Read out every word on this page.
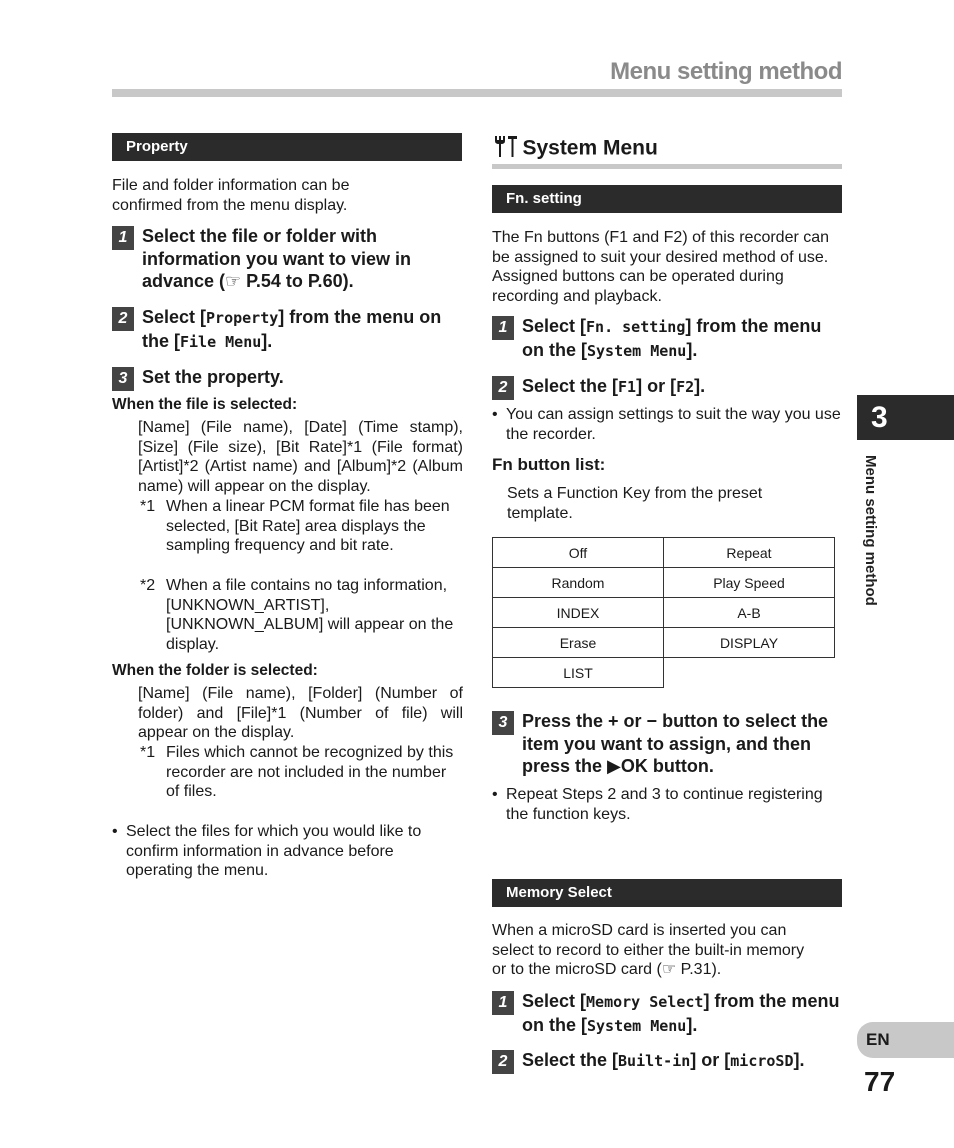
Menu setting method
Property
File and folder information can be confirmed from the menu display.
1 Select the file or folder with information you want to view in advance (☞ P.54 to P.60).
2 Select [Property] from the menu on the [File Menu].
3 Set the property.
When the file is selected:
[Name] (File name), [Date] (Time stamp), [Size] (File size), [Bit Rate]*1 (File format) [Artist]*2 (Artist name) and [Album]*2 (Album name) will appear on the display.
*1 When a linear PCM format file has been selected, [Bit Rate] area displays the sampling frequency and bit rate.
*2 When a file contains no tag information, [UNKNOWN_ARTIST], [UNKNOWN_ALBUM] will appear on the display.
When the folder is selected:
[Name] (File name), [Folder] (Number of folder) and [File]*1 (Number of file) will appear on the display.
*1 Files which cannot be recognized by this recorder are not included in the number of files.
• Select the files for which you would like to confirm information in advance before operating the menu.
System Menu
Fn. setting
The Fn buttons (F1 and F2) of this recorder can be assigned to suit your desired method of use. Assigned buttons can be operated during recording and playback.
1 Select [Fn. setting] from the menu on the [System Menu].
2 Select the [F1] or [F2].
• You can assign settings to suit the way you use the recorder.
Fn button list:
Sets a Function Key from the preset template.
Off	Repeat
Random	Play Speed
INDEX	A-B
Erase	DISPLAY
LIST	
3 Press the + or − button to select the item you want to assign, and then press the ▶OK button.
• Repeat Steps 2 and 3 to continue registering the function keys.
Memory Select
When a microSD card is inserted you can select to record to either the built-in memory or to the microSD card (☞ P.31).
1 Select [Memory Select] from the menu on the [System Menu].
2 Select the [Built-in] or [microSD].
3
Menu setting method
EN
77
